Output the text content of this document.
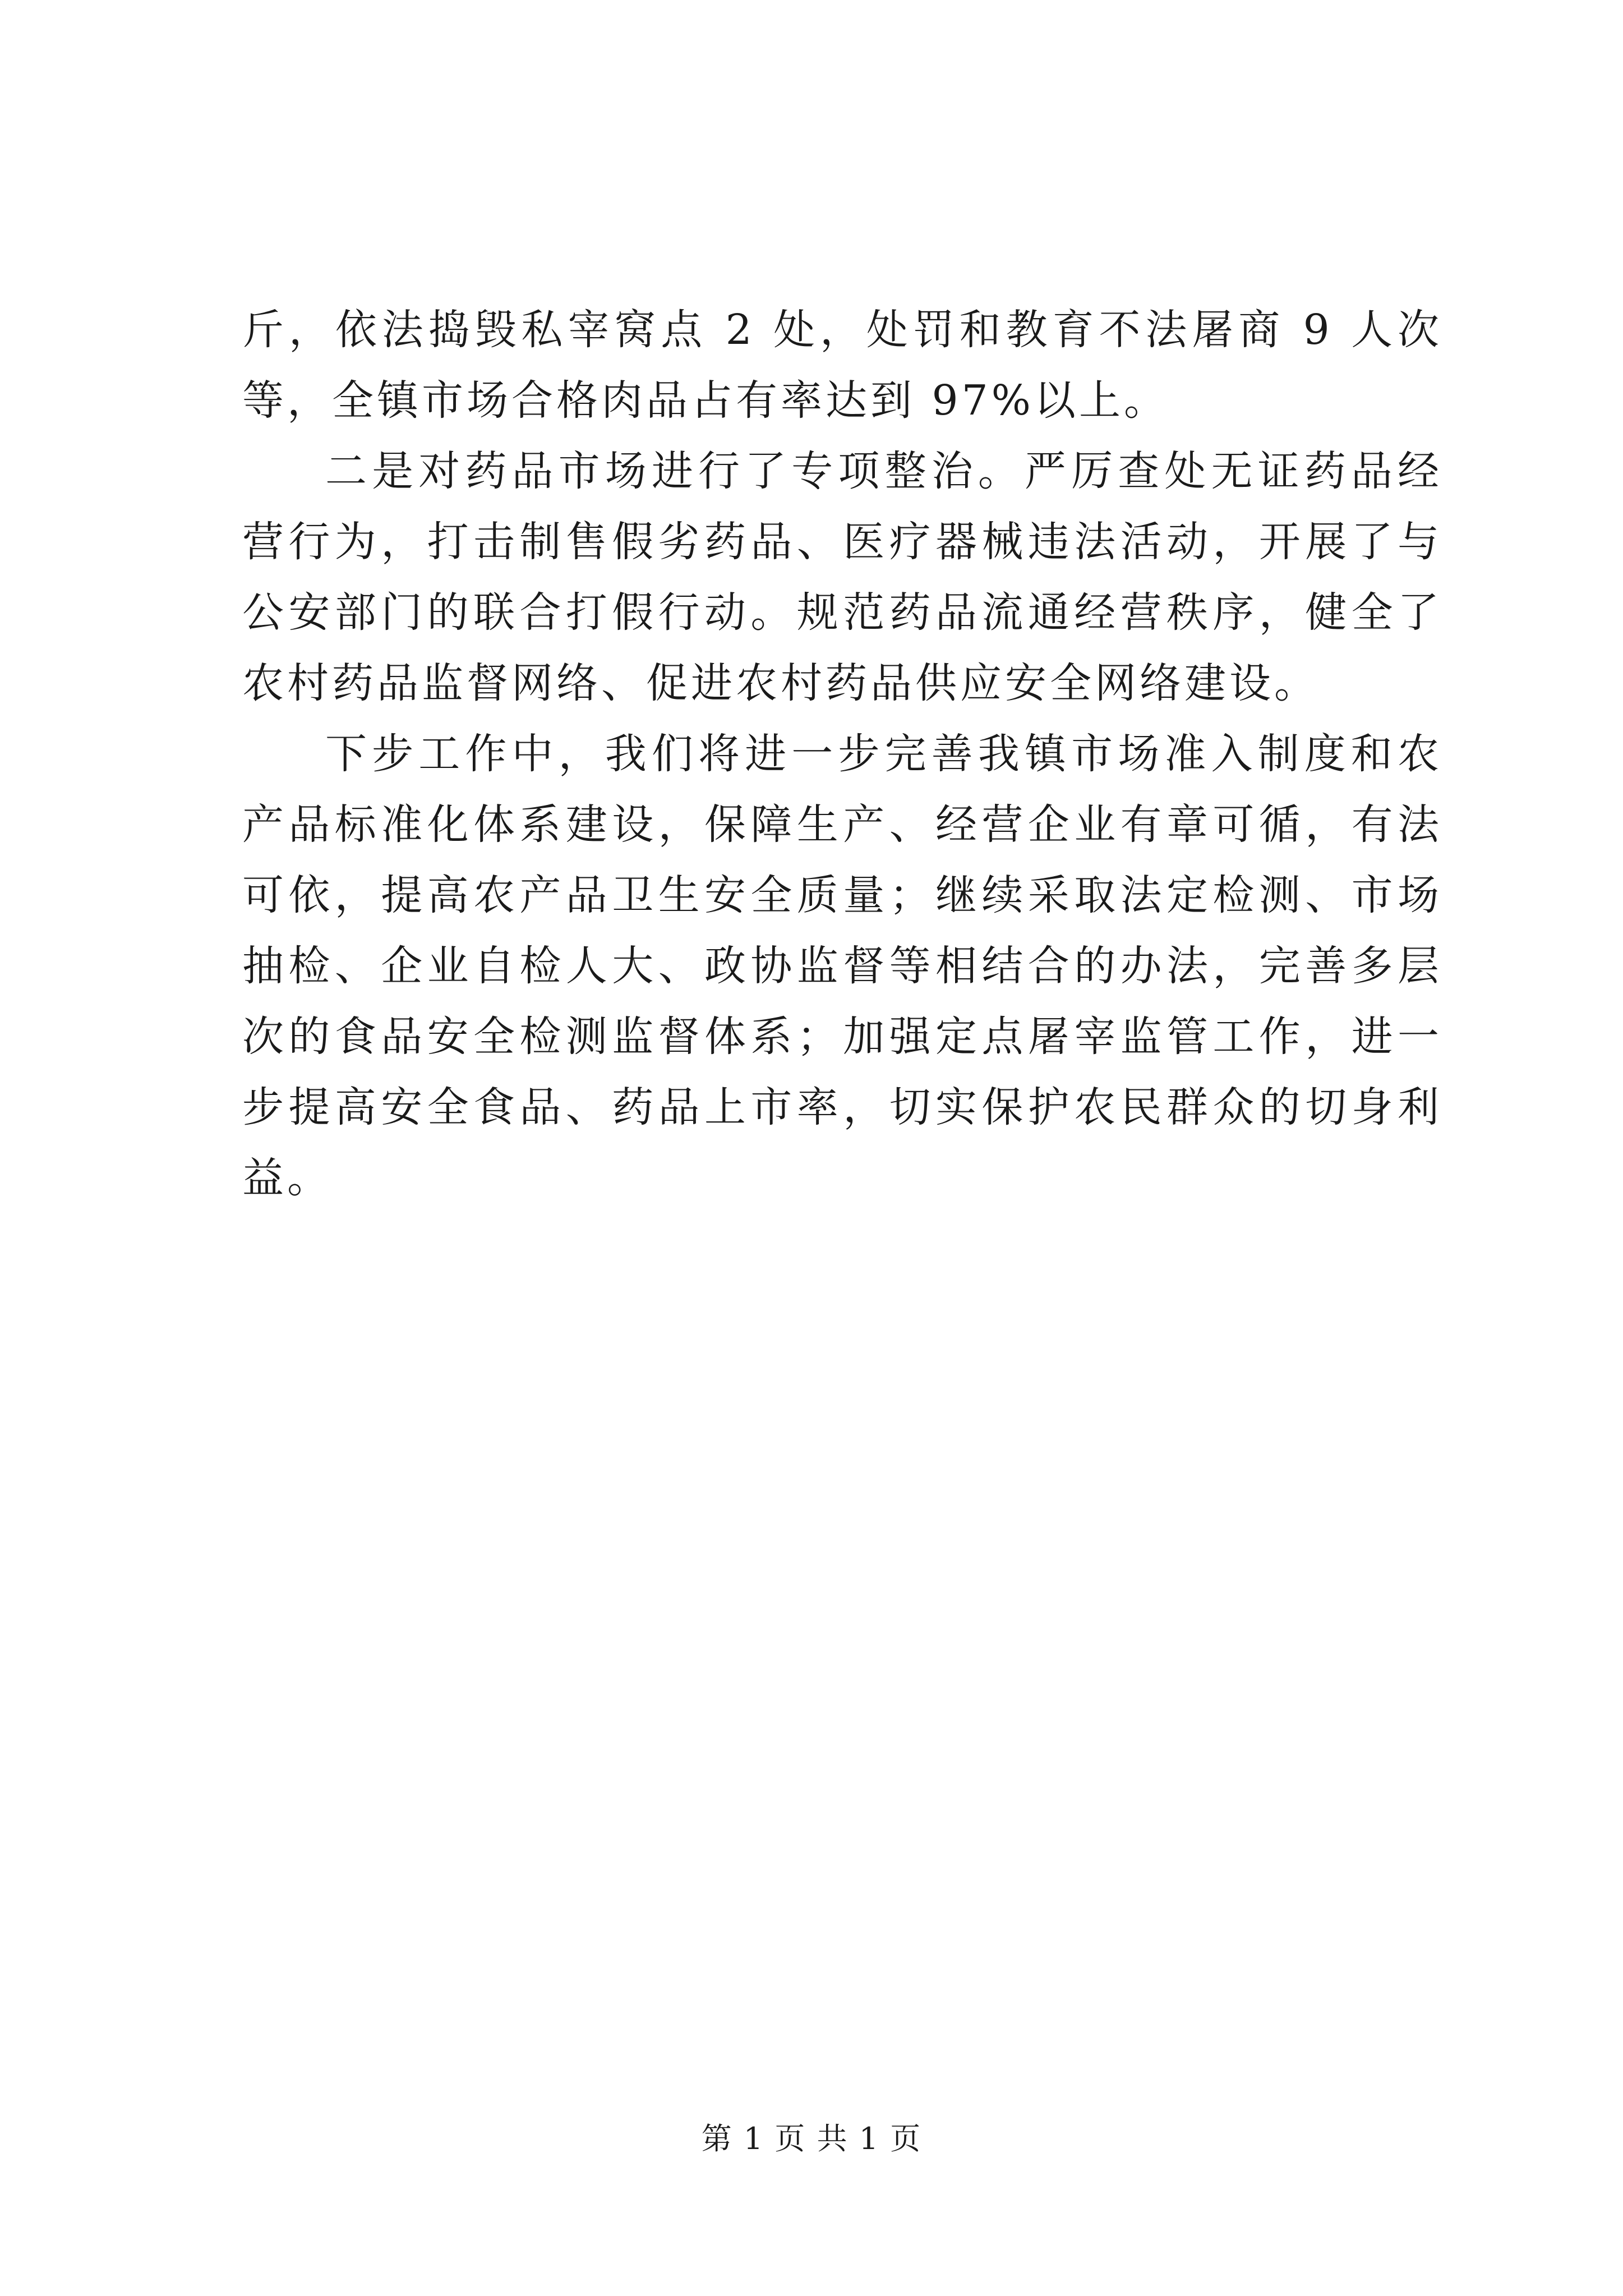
斤，依法捣毁私宰窝点 2 处，处罚和教育不法屠商 9 人次等，全镇市场合格肉品占有率达到 97%以上。

二是对药品市场进行了专项整治。严厉查处无证药品经营行为，打击制售假劣药品、医疗器械违法活动，开展了与公安部门的联合打假行动。规范药品流通经营秩序，健全了农村药品监督网络、促进农村药品供应安全网络建设。

下步工作中，我们将进一步完善我镇市场准入制度和农产品标准化体系建设，保障生产、经营企业有章可循，有法可依，提高农产品卫生安全质量；继续采取法定检测、市场抽检、企业自检人大、政协监督等相结合的办法，完善多层次的食品安全检测监督体系；加强定点屠宰监管工作，进一步提高安全食品、药品上市率，切实保护农民群众的切身利益。

第 1 页 共 1 页
